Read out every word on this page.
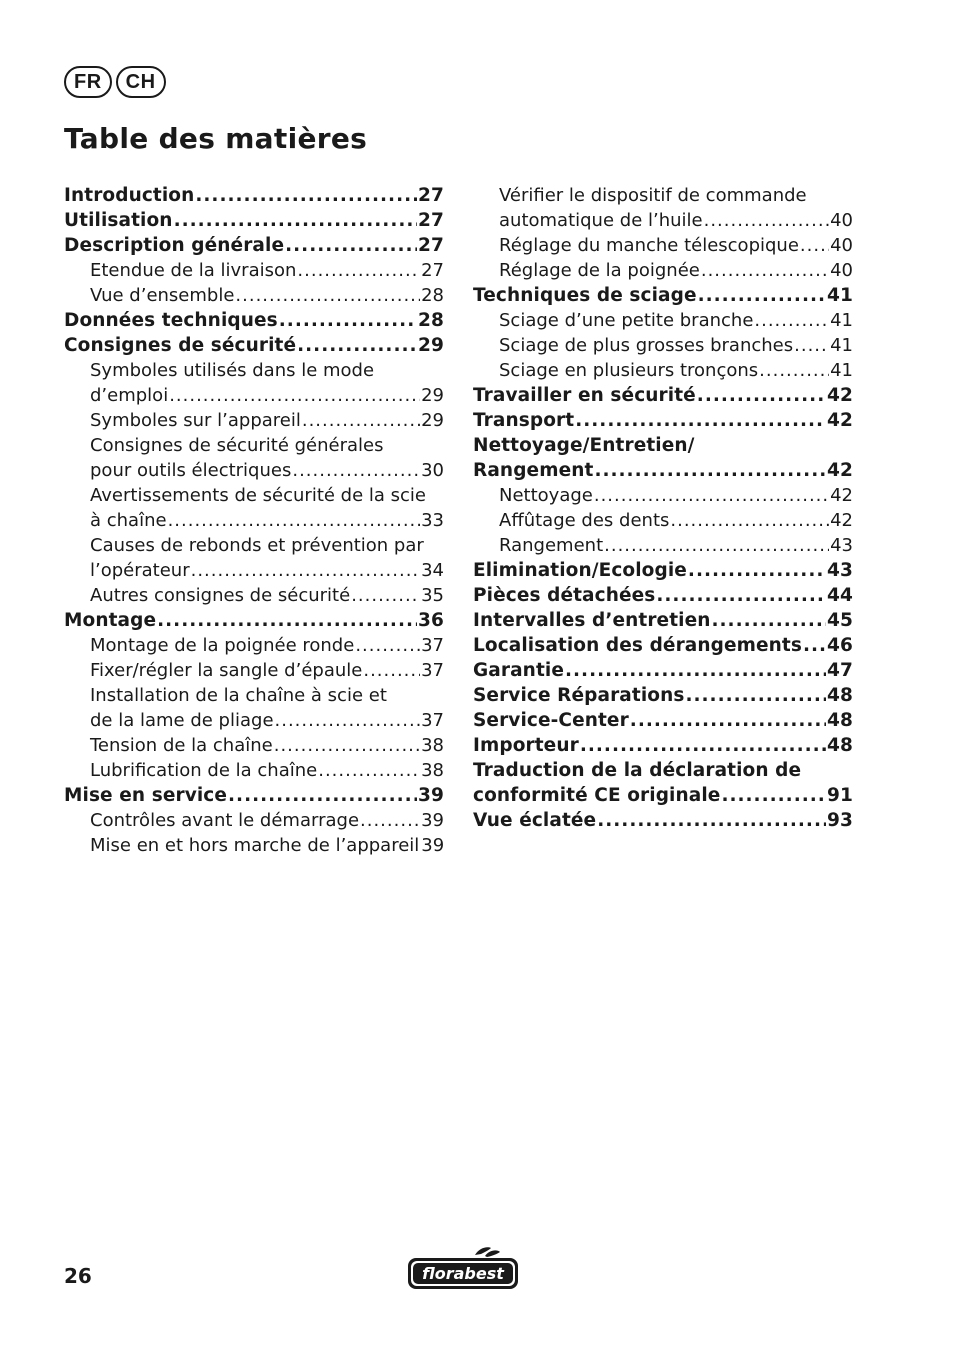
FR	CH
Table des matières
Introduction .....	27
Utilisation .....	27
Description générale .....	27
Etendue de la livraison .....	27
Vue d’ensemble .....	28
Données techniques .....	28
Consignes de sécurité .....	29
Symboles utilisés dans le mode
d’emploi .....	29
Symboles sur l’appareil .....	29
Consignes de sécurité générales
pour outils électriques .....	30
Avertissements de sécurité de la scie
à chaîne .....	33
Causes de rebonds et prévention par
l’opérateur .....	34
Autres consignes de sécurité .....	35
Montage .....	36
Montage de la poignée ronde .....	37
Fixer/régler la sangle d’épaule .....	37
Installation de la chaîne à scie et
de la lame de pliage .....	37
Tension de la chaîne .....	38
Lubrification de la chaîne .....	38
Mise en service .....	39
Contrôles avant le démarrage .....	39
Mise en et hors marche de l’appareil 39
Vérifier le dispositif de commande
automatique de l’huile .....	40
Réglage du manche télescopique ..... 40
Réglage de la poignée .....	40
Techniques de sciage .....	41
Sciage d’une petite branche .....	41
Sciage de plus grosses branches ..... 41
Sciage en plusieurs tronçons .....	41
Travailler en sécurité .....	42
Transport .....	42
Nettoyage/Entretien/
Rangement .....	42
Nettoyage .....	42
Affûtage des dents .....	42
Rangement .....	43
Elimination/Ecologie .....	43
Pièces détachées .....	44
Intervalles d’entretien .....	45
Localisation des dérangements ..... 46
Garantie .....	47
Service Réparations .....	48
Service-Center .....	48
Importeur .....	48
Traduction de la déclaration de
conformité CE originale .....	91
Vue éclatée .....	93
26	florabest
